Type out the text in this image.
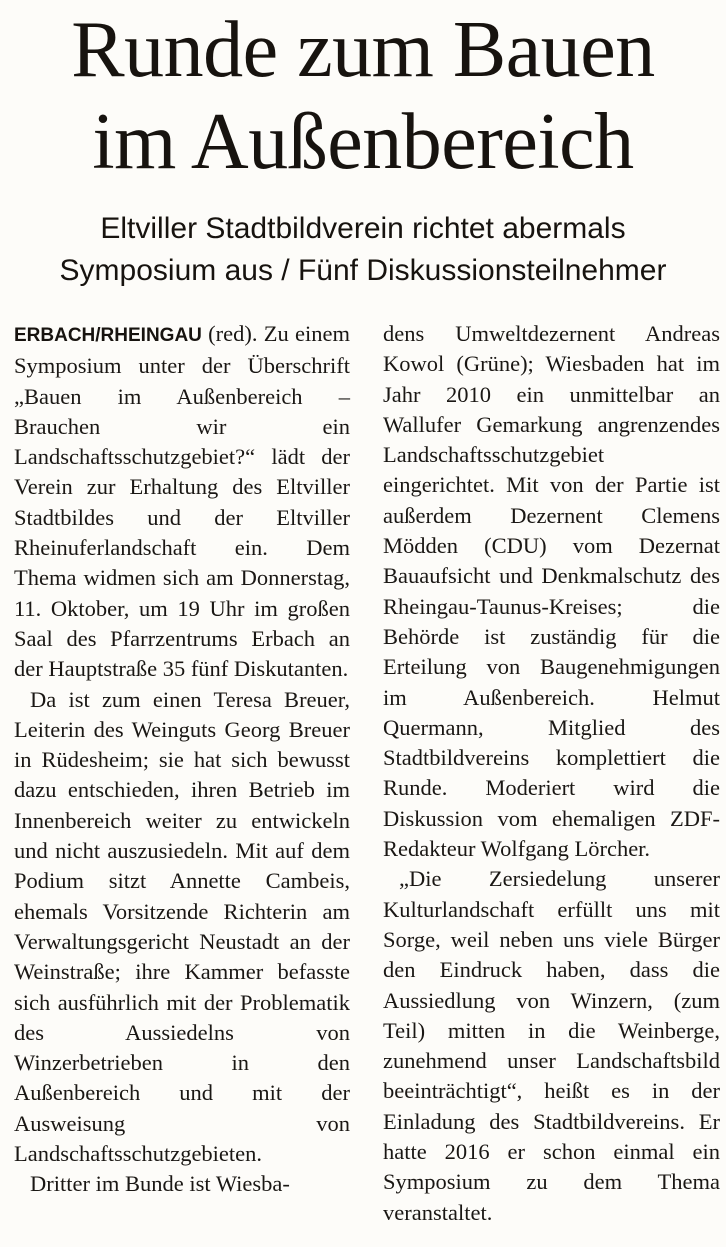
Runde zum Bauen
im Außenbereich
Eltviller Stadtbildverein richtet abermals
Symposium aus / Fünf Diskussionsteilnehmer

ERBACH/RHEINGAU (red). Zu einem Symposium unter der Überschrift „Bauen im Außenbereich – Brauchen wir ein Landschaftsschutzgebiet?“ lädt der Verein zur Erhaltung des Eltviller Stadtbildes und der Eltviller Rheinuferlandschaft ein. Dem Thema widmen sich am Donnerstag, 11. Oktober, um 19 Uhr im großen Saal des Pfarrzentrums Erbach an der Hauptstraße 35 fünf Diskutanten.

Da ist zum einen Teresa Breuer, Leiterin des Weinguts Georg Breuer in Rüdesheim; sie hat sich bewusst dazu entschieden, ihren Betrieb im Innenbereich weiter zu entwickeln und nicht auszusiedeln. Mit auf dem Podium sitzt Annette Cambeis, ehemals Vorsitzende Richterin am Verwaltungsgericht Neustadt an der Weinstraße; ihre Kammer befasste sich ausführlich mit der Problematik des Aussiedelns von Winzerbetrieben in den Außenbereich und mit der Ausweisung von Landschaftsschutzgebieten.

Dritter im Bunde ist Wiesba-

dens Umweltdezernent Andreas Kowol (Grüne); Wiesbaden hat im Jahr 2010 ein unmittelbar an Wallufer Gemarkung angrenzendes Landschaftsschutzgebiet eingerichtet. Mit von der Partie ist außerdem Dezernent Clemens Mödden (CDU) vom Dezernat Bauaufsicht und Denkmalschutz des Rheingau-Taunus-Kreises; die Behörde ist zuständig für die Erteilung von Baugenehmigungen im Außenbereich. Helmut Quermann, Mitglied des Stadtbildvereins komplettiert die Runde. Moderiert wird die Diskussion vom ehemaligen ZDF-Redakteur Wolfgang Lörcher.

„Die Zersiedelung unserer Kulturlandschaft erfüllt uns mit Sorge, weil neben uns viele Bürger den Eindruck haben, dass die Aussiedlung von Winzern, (zum Teil) mitten in die Weinberge, zunehmend unser Landschaftsbild beeinträchtigt“, heißt es in der Einladung des Stadtbildvereins. Er hatte 2016 er schon einmal ein Symposium zu dem Thema veranstaltet.
